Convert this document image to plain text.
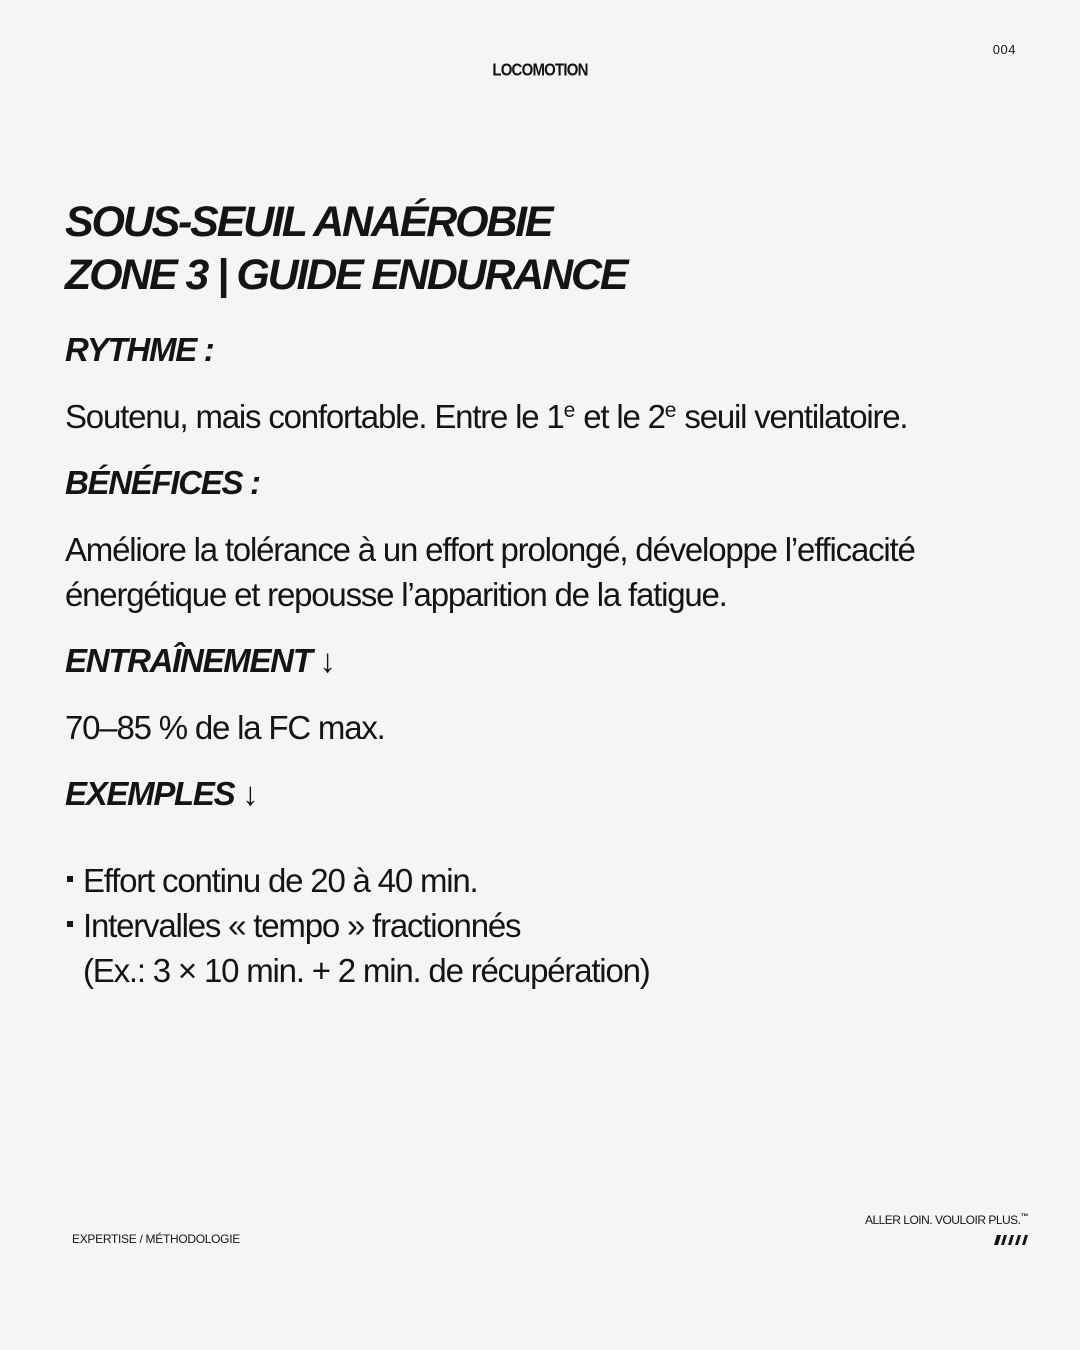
004
LOCOMOTION
SOUS-SEUIL ANAÉROBIE
ZONE 3 | GUIDE ENDURANCE
RYTHME :

Soutenu, mais confortable. Entre le 1e et le 2e seuil ventilatoire.

BÉNÉFICES :

Améliore la tolérance à un effort prolongé, développe l’efficacité énergétique et repousse l’apparition de la fatigue.

ENTRAÎNEMENT ↓

70–85 % de la FC max.

EXEMPLES ↓
Effort continu de 20 à 40 min.
Intervalles « tempo » fractionnés
(Ex.: 3 × 10 min. + 2 min. de récupération)
EXPERTISE / MÉTHODOLOGIE
ALLER LOIN. VOULOIR PLUS.™
